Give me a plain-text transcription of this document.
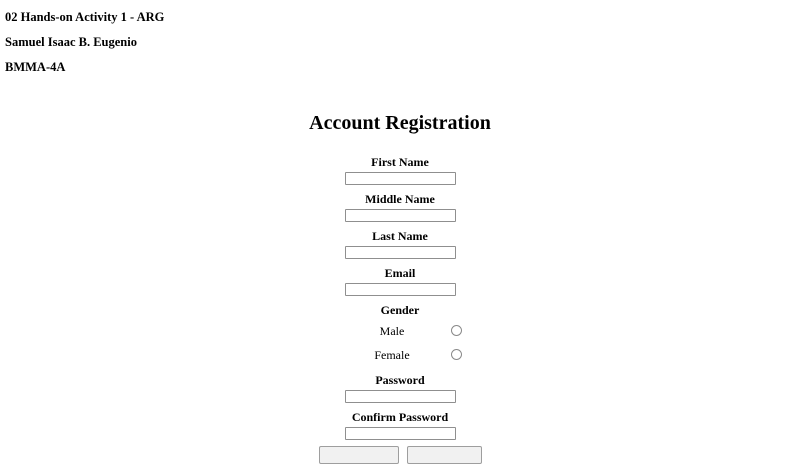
02 Hands-on Activity 1 - ARG
Samuel Isaac B. Eugenio
BMMA-4A
Account Registration
First Name
Middle Name
Last Name
Email
Gender
Male
Female
Password
Confirm Password
